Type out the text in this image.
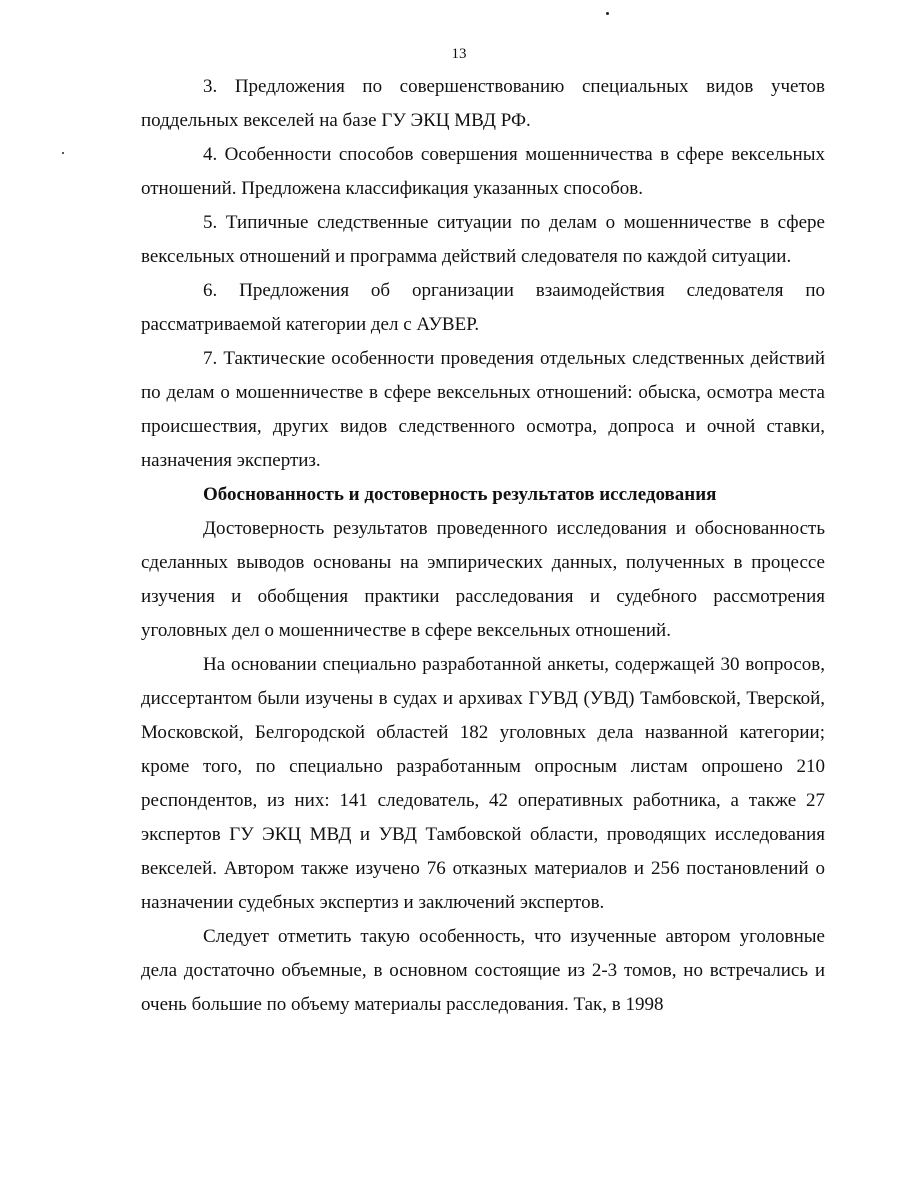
13

3. Предложения по совершенствованию специальных видов учетов поддельных векселей на базе ГУ ЭКЦ МВД РФ.

4. Особенности способов совершения мошенничества в сфере вексельных отношений. Предложена классификация указанных способов.

5. Типичные следственные ситуации по делам о мошенничестве в сфере вексельных отношений и программа действий следователя по каждой ситуации.

6. Предложения об организации взаимодействия следователя по рассматриваемой категории дел с АУВЕР.

7. Тактические особенности проведения отдельных следственных действий по делам о мошенничестве в сфере вексельных отношений: обыска, осмотра места происшествия, других видов следственного осмотра, допроса и очной ставки, назначения экспертиз.

Обоснованность и достоверность результатов исследования

Достоверность результатов проведенного исследования и обоснованность сделанных выводов основаны на эмпирических данных, полученных в процессе изучения и обобщения практики расследования и судебного рассмотрения уголовных дел о мошенничестве в сфере вексельных отношений.

На основании специально разработанной анкеты, содержащей 30 вопросов, диссертантом были изучены в судах и архивах ГУВД (УВД) Тамбовской, Тверской, Московской, Белгородской областей 182 уголовных дела названной категории; кроме того, по специально разработанным опросным листам опрошено 210 респондентов, из них: 141 следователь, 42 оперативных работника, а также 27 экспертов ГУ ЭКЦ МВД и УВД Тамбовской области, проводящих исследования векселей. Автором также изучено 76 отказных материалов и 256 постановлений о назначении судебных экспертиз и заключений экспертов.

Следует отметить такую особенность, что изученные автором уголовные дела достаточно объемные, в основном состоящие из 2-3 томов, но встречались и очень большие по объему материалы расследования. Так, в 1998
